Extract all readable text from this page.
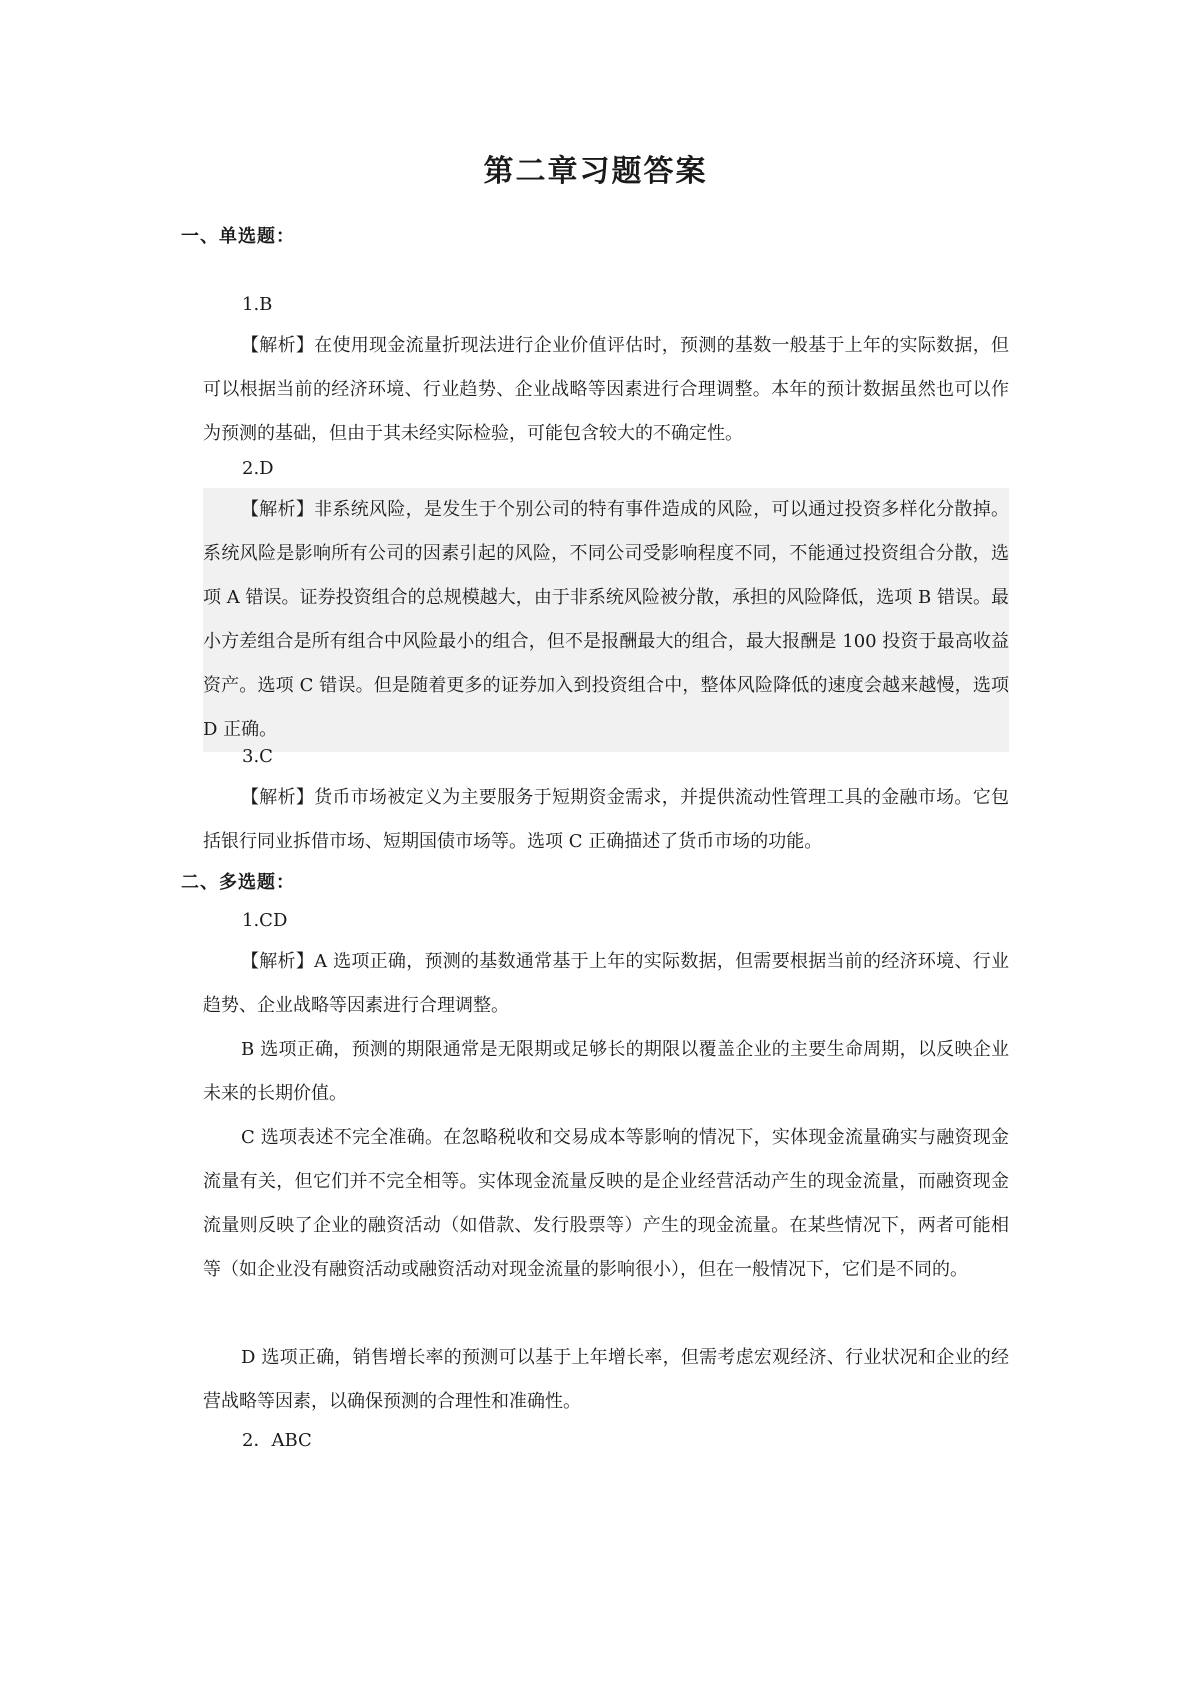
第二章习题答案
一、单选题：
1.B
【解析】在使用现金流量折现法进行企业价值评估时，预测的基数一般基于上年的实际数据，但可以根据当前的经济环境、行业趋势、企业战略等因素进行合理调整。本年的预计数据虽然也可以作为预测的基础，但由于其未经实际检验，可能包含较大的不确定性。
2.D
【解析】非系统风险，是发生于个别公司的特有事件造成的风险，可以通过投资多样化分散掉。系统风险是影响所有公司的因素引起的风险，不同公司受影响程度不同，不能通过投资组合分散，选项 A 错误。证券投资组合的总规模越大，由于非系统风险被分散，承担的风险降低，选项 B 错误。最小方差组合是所有组合中风险最小的组合，但不是报酬最大的组合，最大报酬是 100 投资于最高收益资产。选项 C 错误。但是随着更多的证券加入到投资组合中，整体风险降低的速度会越来越慢，选项 D 正确。
3.C
【解析】货币市场被定义为主要服务于短期资金需求，并提供流动性管理工具的金融市场。它包括银行同业拆借市场、短期国债市场等。选项 C 正确描述了货币市场的功能。
二、多选题：
1.CD
【解析】A 选项正确，预测的基数通常基于上年的实际数据，但需要根据当前的经济环境、行业趋势、企业战略等因素进行合理调整。
B 选项正确，预测的期限通常是无限期或足够长的期限以覆盖企业的主要生命周期，以反映企业未来的长期价值。
C 选项表述不完全准确。在忽略税收和交易成本等影响的情况下，实体现金流量确实与融资现金流量有关，但它们并不完全相等。实体现金流量反映的是企业经营活动产生的现金流量，而融资现金流量则反映了企业的融资活动（如借款、发行股票等）产生的现金流量。在某些情况下，两者可能相等（如企业没有融资活动或融资活动对现金流量的影响很小），但在一般情况下，它们是不同的。
D 选项正确，销售增长率的预测可以基于上年增长率，但需考虑宏观经济、行业状况和企业的经营战略等因素，以确保预测的合理性和准确性。
2．ABC
